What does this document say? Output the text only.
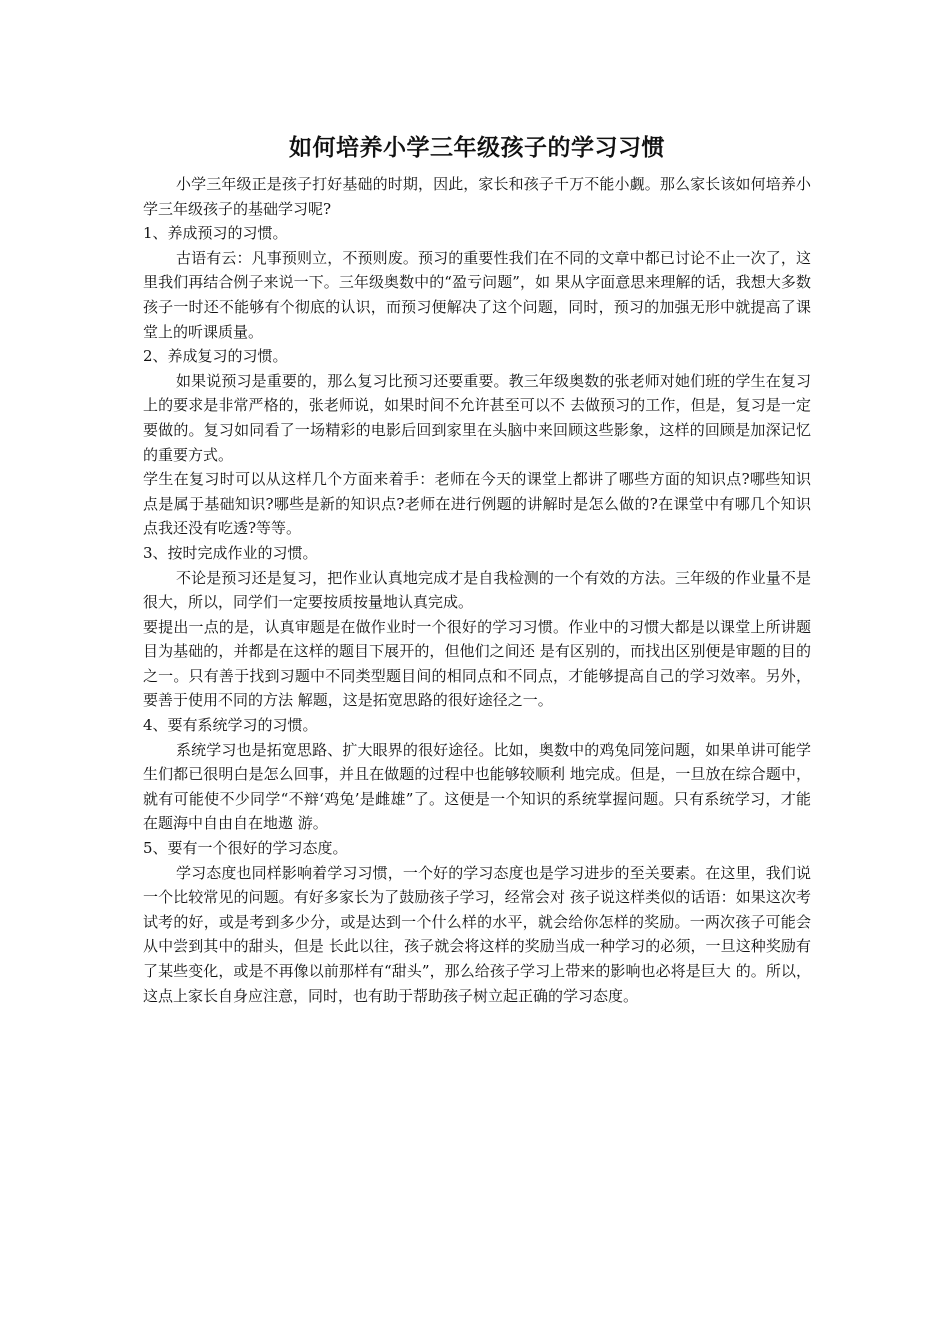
如何培养小学三年级孩子的学习习惯

小学三年级正是孩子打好基础的时期，因此，家长和孩子千万不能小觑。那么家长该如何培养小学三年级孩子的基础学习呢?

1、养成预习的习惯。

古语有云：凡事预则立，不预则废。预习的重要性我们在不同的文章中都已讨论不止一次了，这里我们再结合例子来说一下。三年级奥数中的“盈亏问题”，如 果从字面意思来理解的话，我想大多数孩子一时还不能够有个彻底的认识，而预习便解决了这个问题，同时，预习的加强无形中就提高了课堂上的听课质量。

2、养成复习的习惯。

如果说预习是重要的，那么复习比预习还要重要。教三年级奥数的张老师对她们班的学生在复习上的要求是非常严格的，张老师说，如果时间不允许甚至可以不 去做预习的工作，但是，复习是一定要做的。复习如同看了一场精彩的电影后回到家里在头脑中来回顾这些影象，这样的回顾是加深记忆的重要方式。

学生在复习时可以从这样几个方面来着手：老师在今天的课堂上都讲了哪些方面的知识点?哪些知识点是属于基础知识?哪些是新的知识点?老师在进行例题的讲解时是怎么做的?在课堂中有哪几个知识点我还没有吃透?等等。

3、按时完成作业的习惯。

不论是预习还是复习，把作业认真地完成才是自我检测的一个有效的方法。三年级的作业量不是很大，所以，同学们一定要按质按量地认真完成。

要提出一点的是，认真审题是在做作业时一个很好的学习习惯。作业中的习惯大都是以课堂上所讲题目为基础的，并都是在这样的题目下展开的，但他们之间还 是有区别的，而找出区别便是审题的目的之一。只有善于找到习题中不同类型题目间的相同点和不同点，才能够提高自己的学习效率。另外，要善于使用不同的方法 解题，这是拓宽思路的很好途径之一。

4、要有系统学习的习惯。

系统学习也是拓宽思路、扩大眼界的很好途径。比如，奥数中的鸡兔同笼问题，如果单讲可能学生们都已很明白是怎么回事，并且在做题的过程中也能够较顺利 地完成。但是，一旦放在综合题中，就有可能使不少同学“不辩‘鸡兔’是雌雄”了。这便是一个知识的系统掌握问题。只有系统学习，才能在题海中自由自在地遨 游。

5、要有一个很好的学习态度。

学习态度也同样影响着学习习惯，一个好的学习态度也是学习进步的至关要素。在这里，我们说一个比较常见的问题。有好多家长为了鼓励孩子学习，经常会对 孩子说这样类似的话语：如果这次考试考的好，或是考到多少分，或是达到一个什么样的水平，就会给你怎样的奖励。一两次孩子可能会从中尝到其中的甜头，但是 长此以往，孩子就会将这样的奖励当成一种学习的必须，一旦这种奖励有了某些变化，或是不再像以前那样有“甜头”，那么给孩子学习上带来的影响也必将是巨大 的。所以，这点上家长自身应注意，同时，也有助于帮助孩子树立起正确的学习态度。
